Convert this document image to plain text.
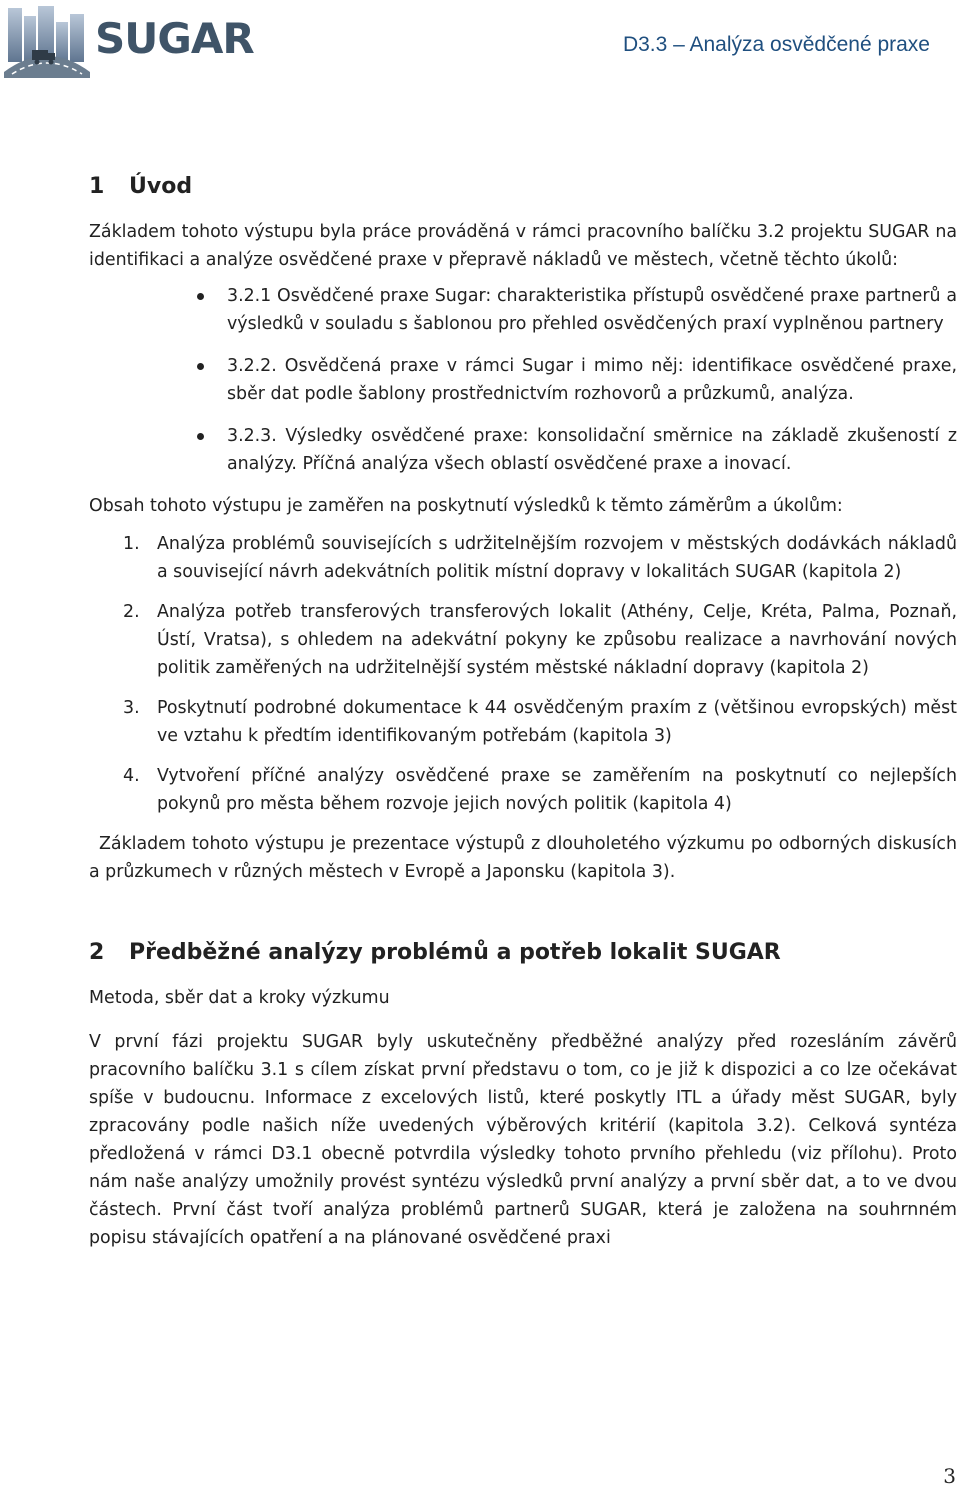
SUGAR	D3.3 – Analýza osvědčené praxe
1 Úvod

Základem tohoto výstupu byla práce prováděná v rámci pracovního balíčku 3.2 projektu SUGAR na identifikaci a analýze osvědčené praxe v přepravě nákladů ve městech, včetně těchto úkolů:

3.2.1 Osvědčené praxe Sugar: charakteristika přístupů osvědčené praxe partnerů a výsledků v souladu s šablonou pro přehled osvědčených praxí vyplněnou partnery
3.2.2. Osvědčená praxe v rámci Sugar i mimo něj: identifikace osvědčené praxe, sběr dat podle šablony prostřednictvím rozhovorů a průzkumů, analýza.
3.2.3. Výsledky osvědčené praxe: konsolidační směrnice na základě zkušeností z analýzy. Příčná analýza všech oblastí osvědčené praxe a inovací.

Obsah tohoto výstupu je zaměřen na poskytnutí výsledků k těmto záměrům a úkolům:

1. Analýza problémů souvisejících s udržitelnějším rozvojem v městských dodávkách nákladů a související návrh adekvátních politik místní dopravy v lokalitách SUGAR (kapitola 2)
2. Analýza potřeb transferových transferových lokalit (Athény, Celje, Kréta, Palma, Poznaň, Ústí, Vratsa), s ohledem na adekvátní pokyny ke způsobu realizace a navrhování nových politik zaměřených na udržitelnější systém městské nákladní dopravy (kapitola 2)
3. Poskytnutí podrobné dokumentace k 44 osvědčeným praxím z (většinou evropských) měst ve vztahu k předtím identifikovaným potřebám (kapitola 3)
4. Vytvoření příčné analýzy osvědčené praxe se zaměřením na poskytnutí co nejlepších pokynů pro města během rozvoje jejich nových politik (kapitola 4)

Základem tohoto výstupu je prezentace výstupů z dlouholetého výzkumu po odborných diskusích a průzkumech v různých městech v Evropě a Japonsku (kapitola 3).

2 Předběžné analýzy problémů a potřeb lokalit SUGAR

Metoda, sběr dat a kroky výzkumu

V první fázi projektu SUGAR byly uskutečněny předběžné analýzy před rozesláním závěrů pracovního balíčku 3.1 s cílem získat první představu o tom, co je již k dispozici a co lze očekávat spíše v budoucnu. Informace z excelových listů, které poskytly ITL a úřady měst SUGAR, byly zpracovány podle našich níže uvedených výběrových kritérií (kapitola 3.2). Celková syntéza předložená v rámci D3.1 obecně potvrdila výsledky tohoto prvního přehledu (viz přílohu). Proto nám naše analýzy umožnily provést syntézu výsledků první analýzy a první sběr dat, a to ve dvou částech. První část tvoří analýza problémů partnerů SUGAR, která je založena na souhrnném popisu stávajících opatření a na plánované osvědčené praxi

3
